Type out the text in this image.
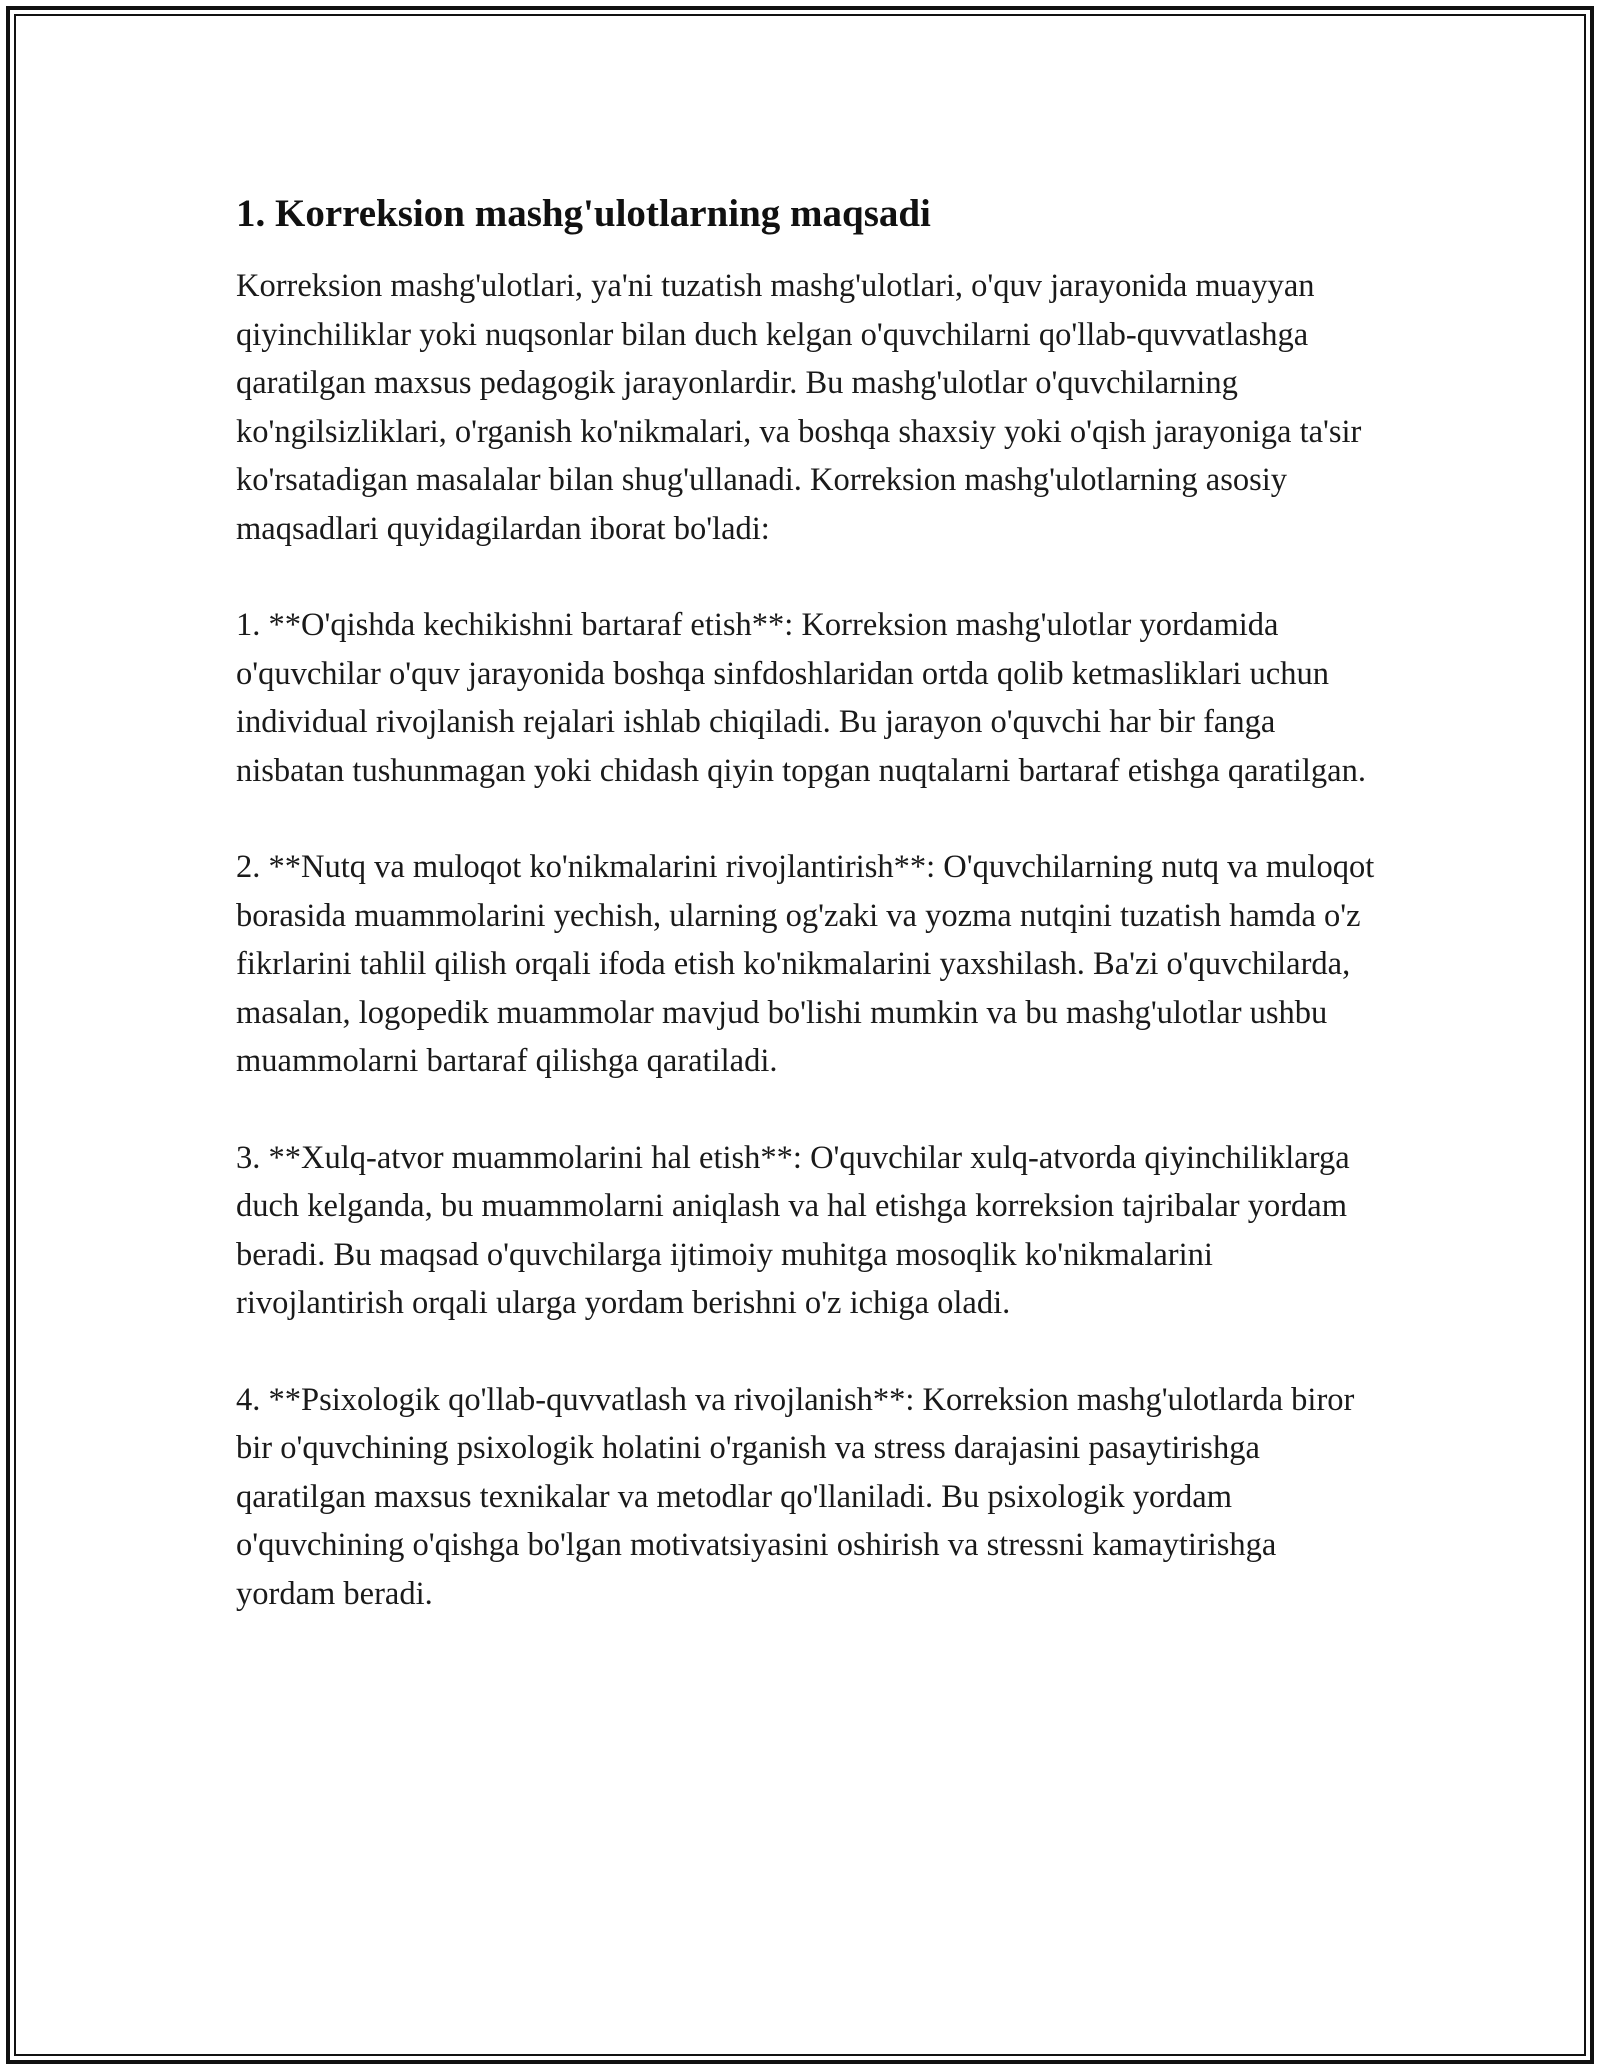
1. Korreksion mashg'ulotlarning maqsadi

Korreksion mashg'ulotlari, ya'ni tuzatish mashg'ulotlari, o'quv jarayonida muayyan qiyinchiliklar yoki nuqsonlar bilan duch kelgan o'quvchilarni qo'llab-quvvatlashga qaratilgan maxsus pedagogik jarayonlardir. Bu mashg'ulotlar o'quvchilarning ko'ngilsizliklari, o'rganish ko'nikmalari, va boshqa shaxsiy yoki o'qish jarayoniga ta'sir ko'rsatadigan masalalar bilan shug'ullanadi. Korreksion mashg'ulotlarning asosiy maqsadlari quyidagilardan iborat bo'ladi:

1. **O'qishda kechikishni bartaraf etish**: Korreksion mashg'ulotlar yordamida o'quvchilar o'quv jarayonida boshqa sinfdoshlaridan ortda qolib ketmasliklari uchun individual rivojlanish rejalari ishlab chiqiladi. Bu jarayon o'quvchi har bir fanga nisbatan tushunmagan yoki chidash qiyin topgan nuqtalarni bartaraf etishga qaratilgan.

2. **Nutq va muloqot ko'nikmalarini rivojlantirish**: O'quvchilarning nutq va muloqot borasida muammolarini yechish, ularning og'zaki va yozma nutqini tuzatish hamda o'z fikrlarini tahlil qilish orqali ifoda etish ko'nikmalarini yaxshilash. Ba'zi o'quvchilarda, masalan, logopedik muammolar mavjud bo'lishi mumkin va bu mashg'ulotlar ushbu muammolarni bartaraf qilishga qaratiladi.

3. **Xulq-atvor muammolarini hal etish**: O'quvchilar xulq-atvorda qiyinchiliklarga duch kelganda, bu muammolarni aniqlash va hal etishga korreksion tajribalar yordam beradi. Bu maqsad o'quvchilarga ijtimoiy muhitga mosoqlik ko'nikmalarini rivojlantirish orqali ularga yordam berishni o'z ichiga oladi.

4. **Psixologik qo'llab-quvvatlash va rivojlanish**: Korreksion mashg'ulotlarda biror bir o'quvchining psixologik holatini o'rganish va stress darajasini pasaytirishga qaratilgan maxsus texnikalar va metodlar qo'llaniladi. Bu psixologik yordam o'quvchining o'qishga bo'lgan motivatsiyasini oshirish va stressni kamaytirishga yordam beradi.
